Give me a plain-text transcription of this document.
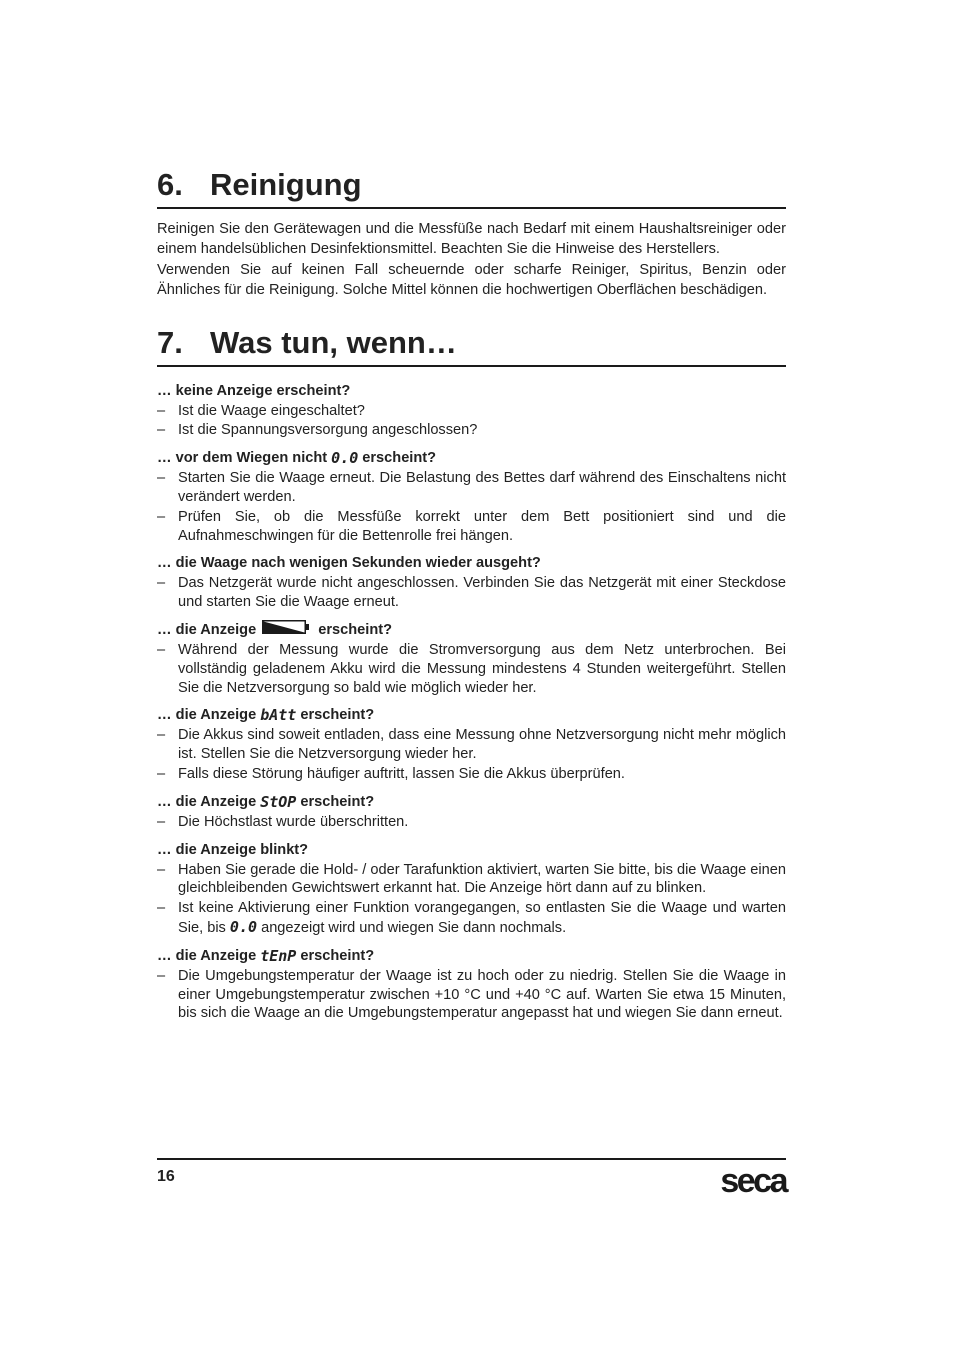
6. Reinigung

Reinigen Sie den Gerätewagen und die Messfüße nach Bedarf mit einem Haushaltsreiniger oder einem handelsüblichen Desinfektionsmittel. Beachten Sie die Hinweise des Herstellers.

Verwenden Sie auf keinen Fall scheuernde oder scharfe Reiniger, Spiritus, Benzin oder Ähnliches für die Reinigung. Solche Mittel können die hochwertigen Oberflächen beschädigen.

7. Was tun, wenn…

… keine Anzeige erscheint?

– Ist die Waage eingeschaltet?
– Ist die Spannungsversorgung angeschlossen?

… vor dem Wiegen nicht 0.0 erscheint?

– Starten Sie die Waage erneut. Die Belastung des Bettes darf während des Einschaltens nicht verändert werden.
– Prüfen Sie, ob die Messfüße korrekt unter dem Bett positioniert sind und die Aufnahmeschwingen für die Bettenrolle frei hängen.

… die Waage nach wenigen Sekunden wieder ausgeht?

– Das Netzgerät wurde nicht angeschlossen. Verbinden Sie das Netzgerät mit einer Steckdose und starten Sie die Waage erneut.

… die Anzeige	erscheint?

– Während der Messung wurde die Stromversorgung aus dem Netz unterbrochen. Bei vollständig geladenem Akku wird die Messung mindestens 4 Stunden weitergeführt. Stellen Sie die Netzversorgung so bald wie möglich wieder her.

… die Anzeige bAtt erscheint?

– Die Akkus sind soweit entladen, dass eine Messung ohne Netzversorgung nicht mehr möglich ist. Stellen Sie die Netzversorgung wieder her.
– Falls diese Störung häufiger auftritt, lassen Sie die Akkus überprüfen.

… die Anzeige StOP erscheint?

– Die Höchstlast wurde überschritten.

… die Anzeige blinkt?

– Haben Sie gerade die Hold- / oder Tarafunktion aktiviert, warten Sie bitte, bis die Waage einen gleichbleibenden Gewichtswert erkannt hat. Die Anzeige hört dann auf zu blinken.
– Ist keine Aktivierung einer Funktion vorangegangen, so entlasten Sie die Waage und warten Sie, bis 0.0 angezeigt wird und wiegen Sie dann nochmals.

… die Anzeige tEnP erscheint?

– Die Umgebungstemperatur der Waage ist zu hoch oder zu niedrig. Stellen Sie die Waage in einer Umgebungstemperatur zwischen +10 °C und +40 °C auf. Warten Sie etwa 15 Minuten, bis sich die Waage an die Umgebungstemperatur angepasst hat und wiegen Sie dann erneut.
16	seca
